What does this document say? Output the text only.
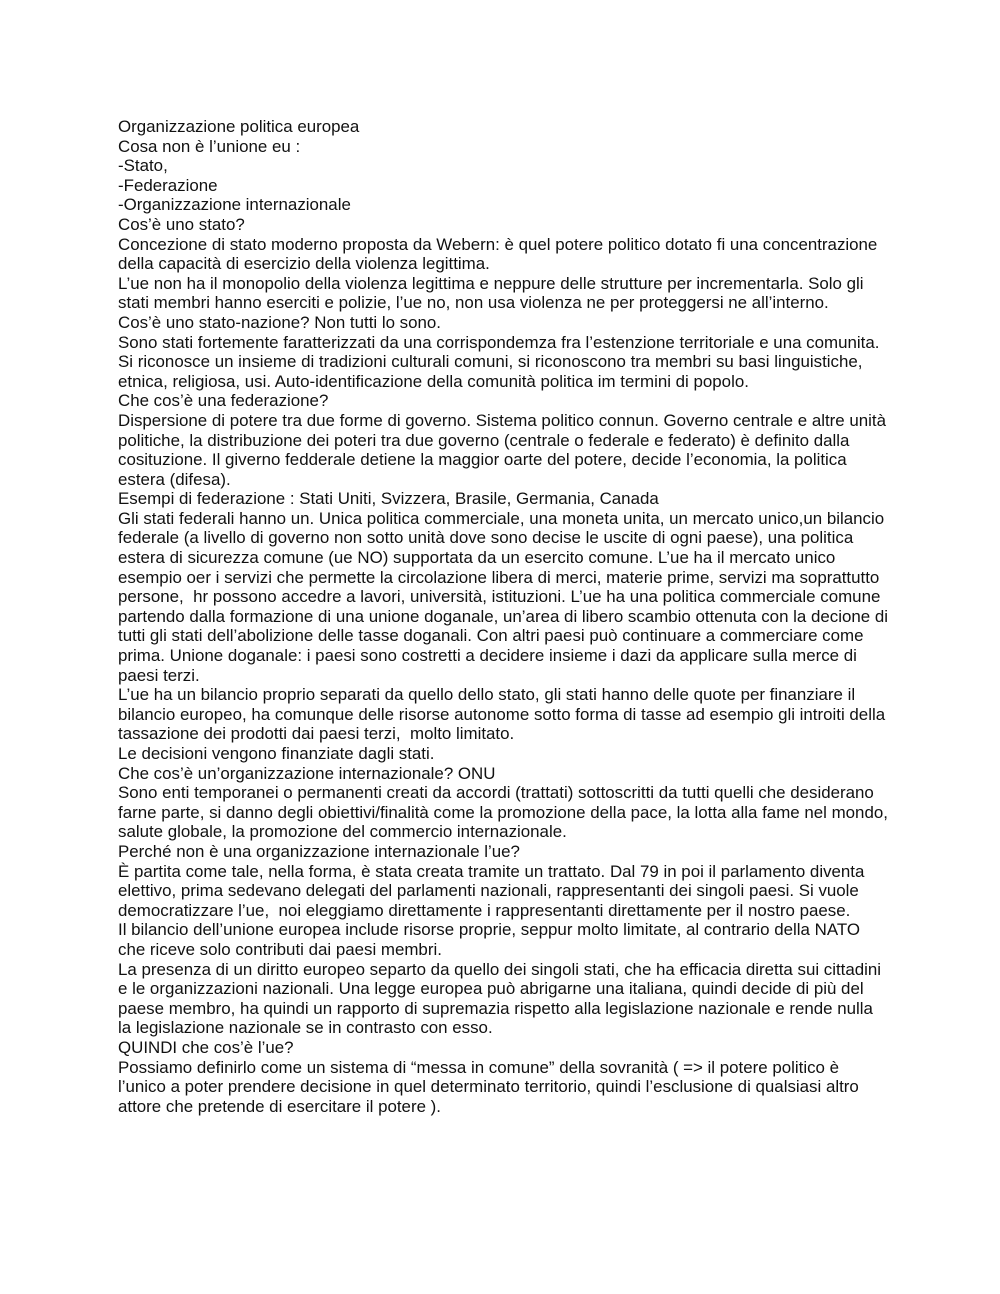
Organizzazione politica europea

Cosa non è l’unione eu :

-Stato,

-Federazione

-Organizzazione internazionale

Cos’è uno stato?

Concezione di stato moderno proposta da Webern: è quel potere politico dotato fi una concentrazione della capacità di esercizio della violenza legittima.

L’ue non ha il monopolio della violenza legittima e neppure delle strutture per incrementarla. Solo gli stati membri hanno eserciti e polizie, l’ue no, non usa violenza ne per proteggersi ne all’interno.

Cos’è uno stato-nazione? Non tutti lo sono.

Sono stati fortemente faratterizzati da una corrispondemza fra l’estenzione territoriale e una comunita. Si riconosce un insieme di tradizioni culturali comuni, si riconoscono tra membri su basi linguistiche, etnica, religiosa, usi. Auto-identificazione della comunità politica im termini di popolo.

Che cos’è una federazione?

Dispersione di potere tra due forme di governo. Sistema politico connun. Governo centrale e altre unità politiche, la distribuzione dei poteri tra due governo (centrale o federale e federato) è definito dalla cosituzione. Il giverno fedderale detiene la maggior oarte del potere, decide l’economia, la politica estera (difesa).

Esempi di federazione : Stati Uniti, Svizzera, Brasile, Germania, Canada

Gli stati federali hanno un. Unica politica commerciale, una moneta unita, un mercato unico,un bilancio federale (a livello di governo non sotto unità dove sono decise le uscite di ogni paese), una politica estera di sicurezza comune (ue NO) supportata da un esercito comune. L’ue ha il mercato unico esempio oer i servizi che permette la circolazione libera di merci, materie prime, servizi ma soprattutto persone,  hr possono accedre a lavori, università, istituzioni. L’ue ha una politica commerciale comune partendo dalla formazione di una unione doganale, un’area di libero scambio ottenuta con la decione di tutti gli stati dell’abolizione delle tasse doganali. Con altri paesi può continuare a commerciare come prima. Unione doganale: i paesi sono costretti a decidere insieme i dazi da applicare sulla merce di paesi terzi.

L’ue ha un bilancio proprio separati da quello dello stato, gli stati hanno delle quote per finanziare il bilancio europeo, ha comunque delle risorse autonome sotto forma di tasse ad esempio gli introiti della tassazione dei prodotti dai paesi terzi,  molto limitato.

Le decisioni vengono finanziate dagli stati.

Che cos’è un’organizzazione internazionale? ONU

Sono enti temporanei o permanenti creati da accordi (trattati) sottoscritti da tutti quelli che desiderano farne parte, si danno degli obiettivi/finalità come la promozione della pace, la lotta alla fame nel mondo, salute globale, la promozione del commercio internazionale.

Perché non è una organizzazione internazionale l’ue?

È partita come tale, nella forma, è stata creata tramite un trattato. Dal 79 in poi il parlamento diventa elettivo, prima sedevano delegati del parlamenti nazionali, rappresentanti dei singoli paesi. Si vuole democratizzare l’ue,  noi eleggiamo direttamente i rappresentanti direttamente per il nostro paese.

Il bilancio dell’unione europea include risorse proprie, seppur molto limitate, al contrario della NATO che riceve solo contributi dai paesi membri.

La presenza di un diritto europeo separto da quello dei singoli stati, che ha efficacia diretta sui cittadini e le organizzazioni nazionali. Una legge europea può abrigarne una italiana, quindi decide di più del paese membro, ha quindi un rapporto di supremazia rispetto alla legislazione nazionale e rende nulla la legislazione nazionale se in contrasto con esso.

QUINDI che cos’è l’ue?

Possiamo definirlo come un sistema di “messa in comune” della sovranità ( => il potere politico è l’unico a poter prendere decisione in quel determinato territorio, quindi l’esclusione di qualsiasi altro attore che pretende di esercitare il potere ).
